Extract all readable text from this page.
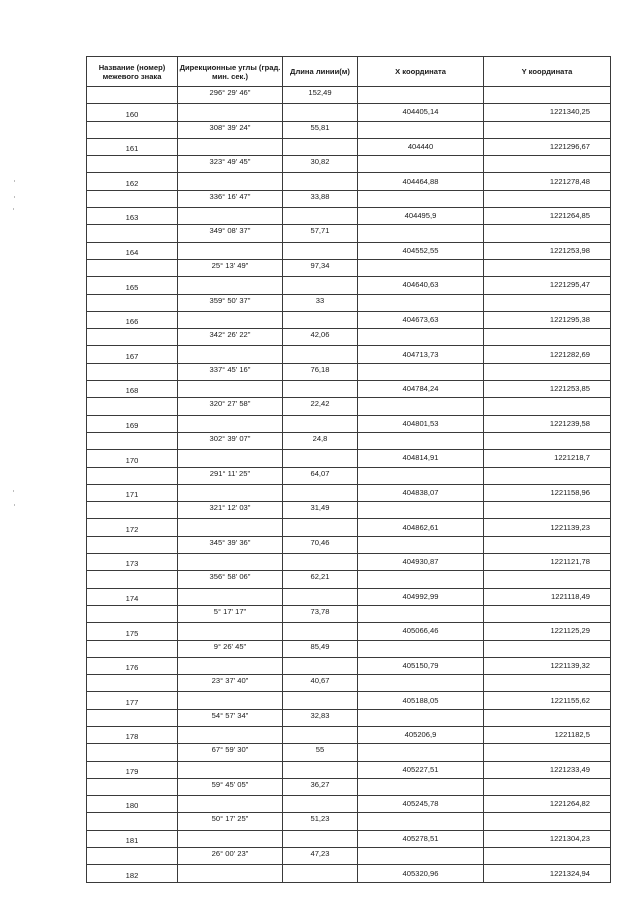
Название (номер) межевого знака	Дирекционные углы (град. мин. сек.)	Длина линии(м)	X координата	Y координата
	296° 29' 46"	152,49		
160			404405,14	1221340,25
	308° 39' 24"	55,81		
161			404440	1221296,67
	323° 49' 45"	30,82		
162			404464,88	1221278,48
	336° 16' 47"	33,88		
163			404495,9	1221264,85
	349° 08' 37"	57,71		
164			404552,55	1221253,98
	25° 13' 49"	97,34		
165			404640,63	1221295,47
	359° 50' 37"	33		
166			404673,63	1221295,38
	342° 26' 22"	42,06		
167			404713,73	1221282,69
	337° 45' 16"	76,18		
168			404784,24	1221253,85
	320° 27' 58"	22,42		
169			404801,53	1221239,58
	302° 39' 07"	24,8		
170			404814,91	1221218,7
	291° 11' 25"	64,07		
171			404838,07	1221158,96
	321° 12' 03"	31,49		
172			404862,61	1221139,23
	345° 39' 36"	70,46		
173			404930,87	1221121,78
	356° 58' 06"	62,21		
174			404992,99	1221118,49
	5° 17' 17"	73,78		
175			405066,46	1221125,29
	9° 26' 45"	85,49		
176			405150,79	1221139,32
	23° 37' 40"	40,67		
177			405188,05	1221155,62
	54° 57' 34"	32,83		
178			405206,9	1221182,5
	67° 59' 30"	55		
179			405227,51	1221233,49
	59° 45' 05"	36,27		
180			405245,78	1221264,82
	50° 17' 25"	51,23		
181			405278,51	1221304,23
	26° 00' 23"	47,23		
182			405320,96	1221324,94
